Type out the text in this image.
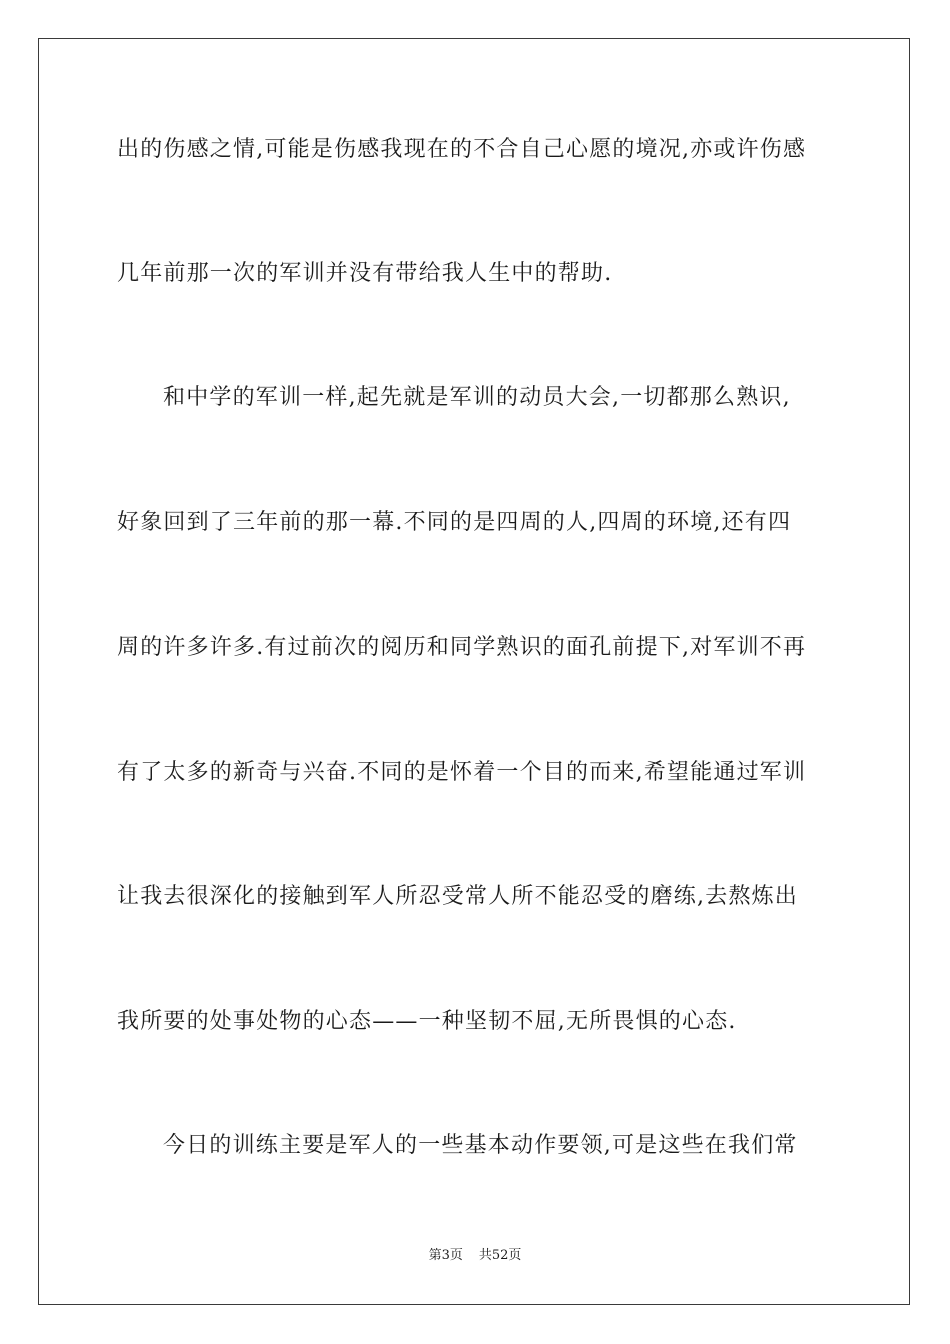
出的伤感之情,可能是伤感我现在的不合自己心愿的境况,亦或许伤感
几年前那一次的军训并没有带给我人生中的帮助.
和中学的军训一样,起先就是军训的动员大会,一切都那么熟识,
好象回到了三年前的那一幕.不同的是四周的人,四周的环境,还有四
周的许多许多.有过前次的阅历和同学熟识的面孔前提下,对军训不再
有了太多的新奇与兴奋.不同的是怀着一个目的而来,希望能通过军训
让我去很深化的接触到军人所忍受常人所不能忍受的磨练,去熬炼出
我所要的处事处物的心态——一种坚韧不屈,无所畏惧的心态.
今日的训练主要是军人的一些基本动作要领,可是这些在我们常
第3页 共52页
